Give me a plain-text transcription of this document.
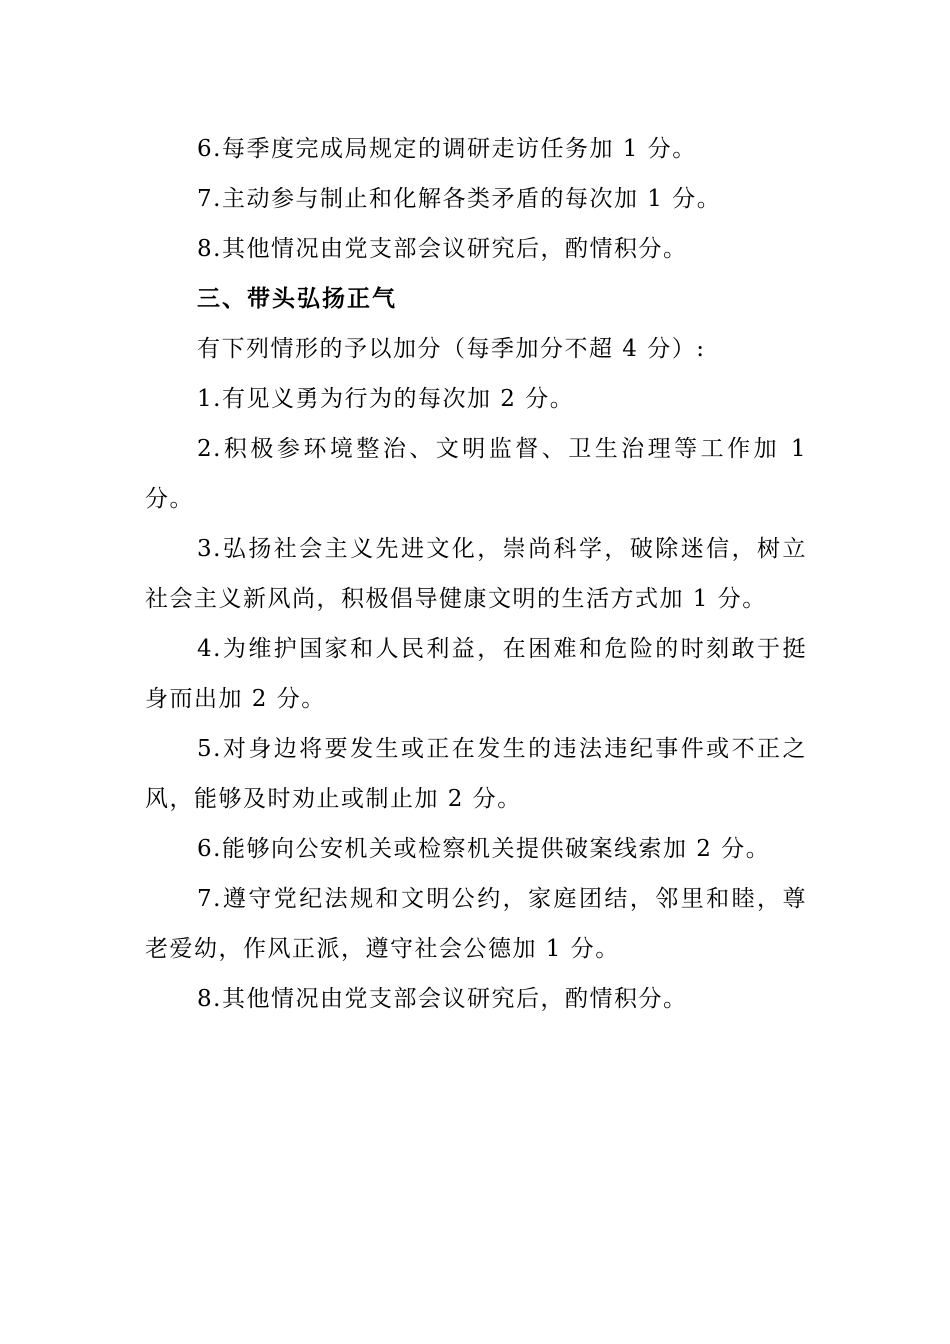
6.每季度完成局规定的调研走访任务加 1 分。

7.主动参与制止和化解各类矛盾的每次加 1 分。

8.其他情况由党支部会议研究后，酌情积分。

三、带头弘扬正气

有下列情形的予以加分（每季加分不超 4 分）:

1.有见义勇为行为的每次加 2 分。

2.积极参环境整治、文明监督、卫生治理等工作加 1 分。

3.弘扬社会主义先进文化，崇尚科学，破除迷信，树立社会主义新风尚，积极倡导健康文明的生活方式加 1 分。

4.为维护国家和人民利益，在困难和危险的时刻敢于挺身而出加 2 分。

5.对身边将要发生或正在发生的违法违纪事件或不正之风，能够及时劝止或制止加 2 分。

6.能够向公安机关或检察机关提供破案线索加 2 分。

7.遵守党纪法规和文明公约，家庭团结，邻里和睦，尊老爱幼，作风正派，遵守社会公德加 1 分。

8.其他情况由党支部会议研究后，酌情积分。
